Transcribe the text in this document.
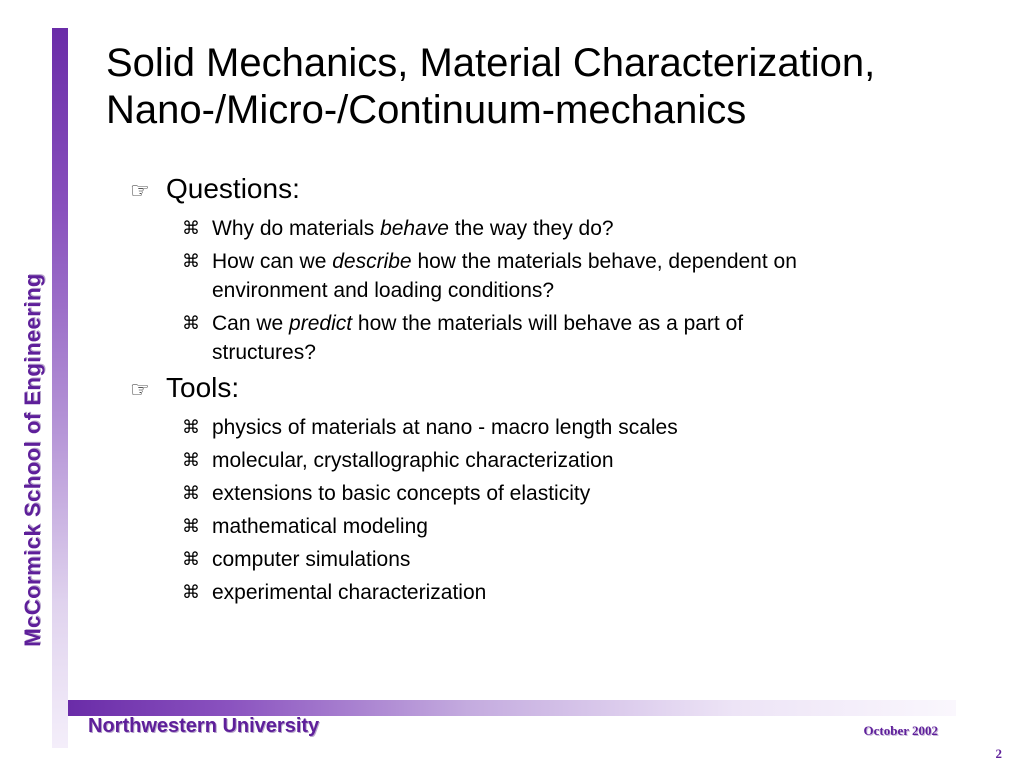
McCormick School of Engineering
Solid Mechanics, Material Characterization,
Nano-/Micro-/Continuum-mechanics
☞ Questions:
⌘ Why do materials behave the way they do?
⌘ How can we describe how the materials behave, dependent on
environment and loading conditions?
⌘ Can we predict how the materials will behave as a part of
structures?
☞ Tools:
⌘ physics of materials at nano - macro length scales
⌘ molecular, crystallographic characterization
⌘ extensions to basic concepts of elasticity
⌘ mathematical modeling
⌘ computer simulations
⌘ experimental characterization
Northwestern University	October 2002
2
